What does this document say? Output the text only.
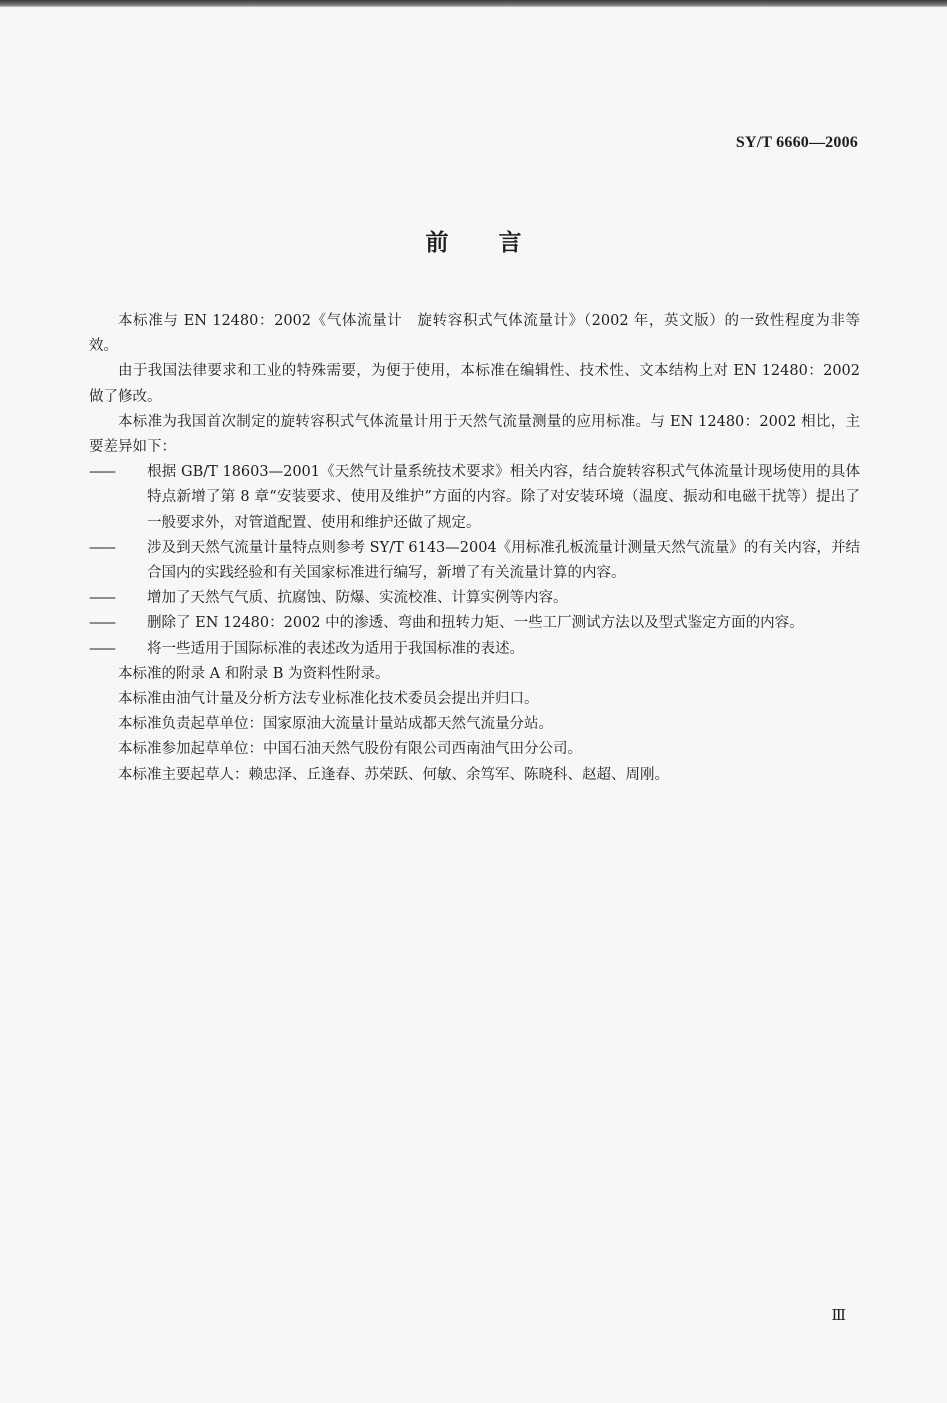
SY/T 6660—2006
前言

本标准与 EN 12480：2002《气体流量计　旋转容积式气体流量计》（2002 年，英文版）的一致性程度为非等效。

由于我国法律要求和工业的特殊需要，为便于使用，本标准在编辑性、技术性、文本结构上对 EN 12480：2002 做了修改。

本标准为我国首次制定的旋转容积式气体流量计用于天然气流量测量的应用标准。与 EN 12480：2002 相比，主要差异如下：

—— 根据 GB/T 18603—2001《天然气计量系统技术要求》相关内容，结合旋转容积式气体流量计现场使用的具体特点新增了第 8 章“安装要求、使用及维护”方面的内容。除了对安装环境（温度、振动和电磁干扰等）提出了一般要求外，对管道配置、使用和维护还做了规定。

—— 涉及到天然气流量计量特点则参考 SY/T 6143—2004《用标准孔板流量计测量天然气流量》的有关内容，并结合国内的实践经验和有关国家标准进行编写，新增了有关流量计算的内容。

—— 增加了天然气气质、抗腐蚀、防爆、实流校准、计算实例等内容。

—— 删除了 EN 12480：2002 中的渗透、弯曲和扭转力矩、一些工厂测试方法以及型式鉴定方面的内容。

—— 将一些适用于国际标准的表述改为适用于我国标准的表述。

本标准的附录 A 和附录 B 为资料性附录。

本标准由油气计量及分析方法专业标准化技术委员会提出并归口。

本标准负责起草单位：国家原油大流量计量站成都天然气流量分站。

本标准参加起草单位：中国石油天然气股份有限公司西南油气田分公司。

本标准主要起草人：赖忠泽、丘逢春、苏荣跃、何敏、余笃军、陈晓科、赵超、周刚。

Ⅲ
